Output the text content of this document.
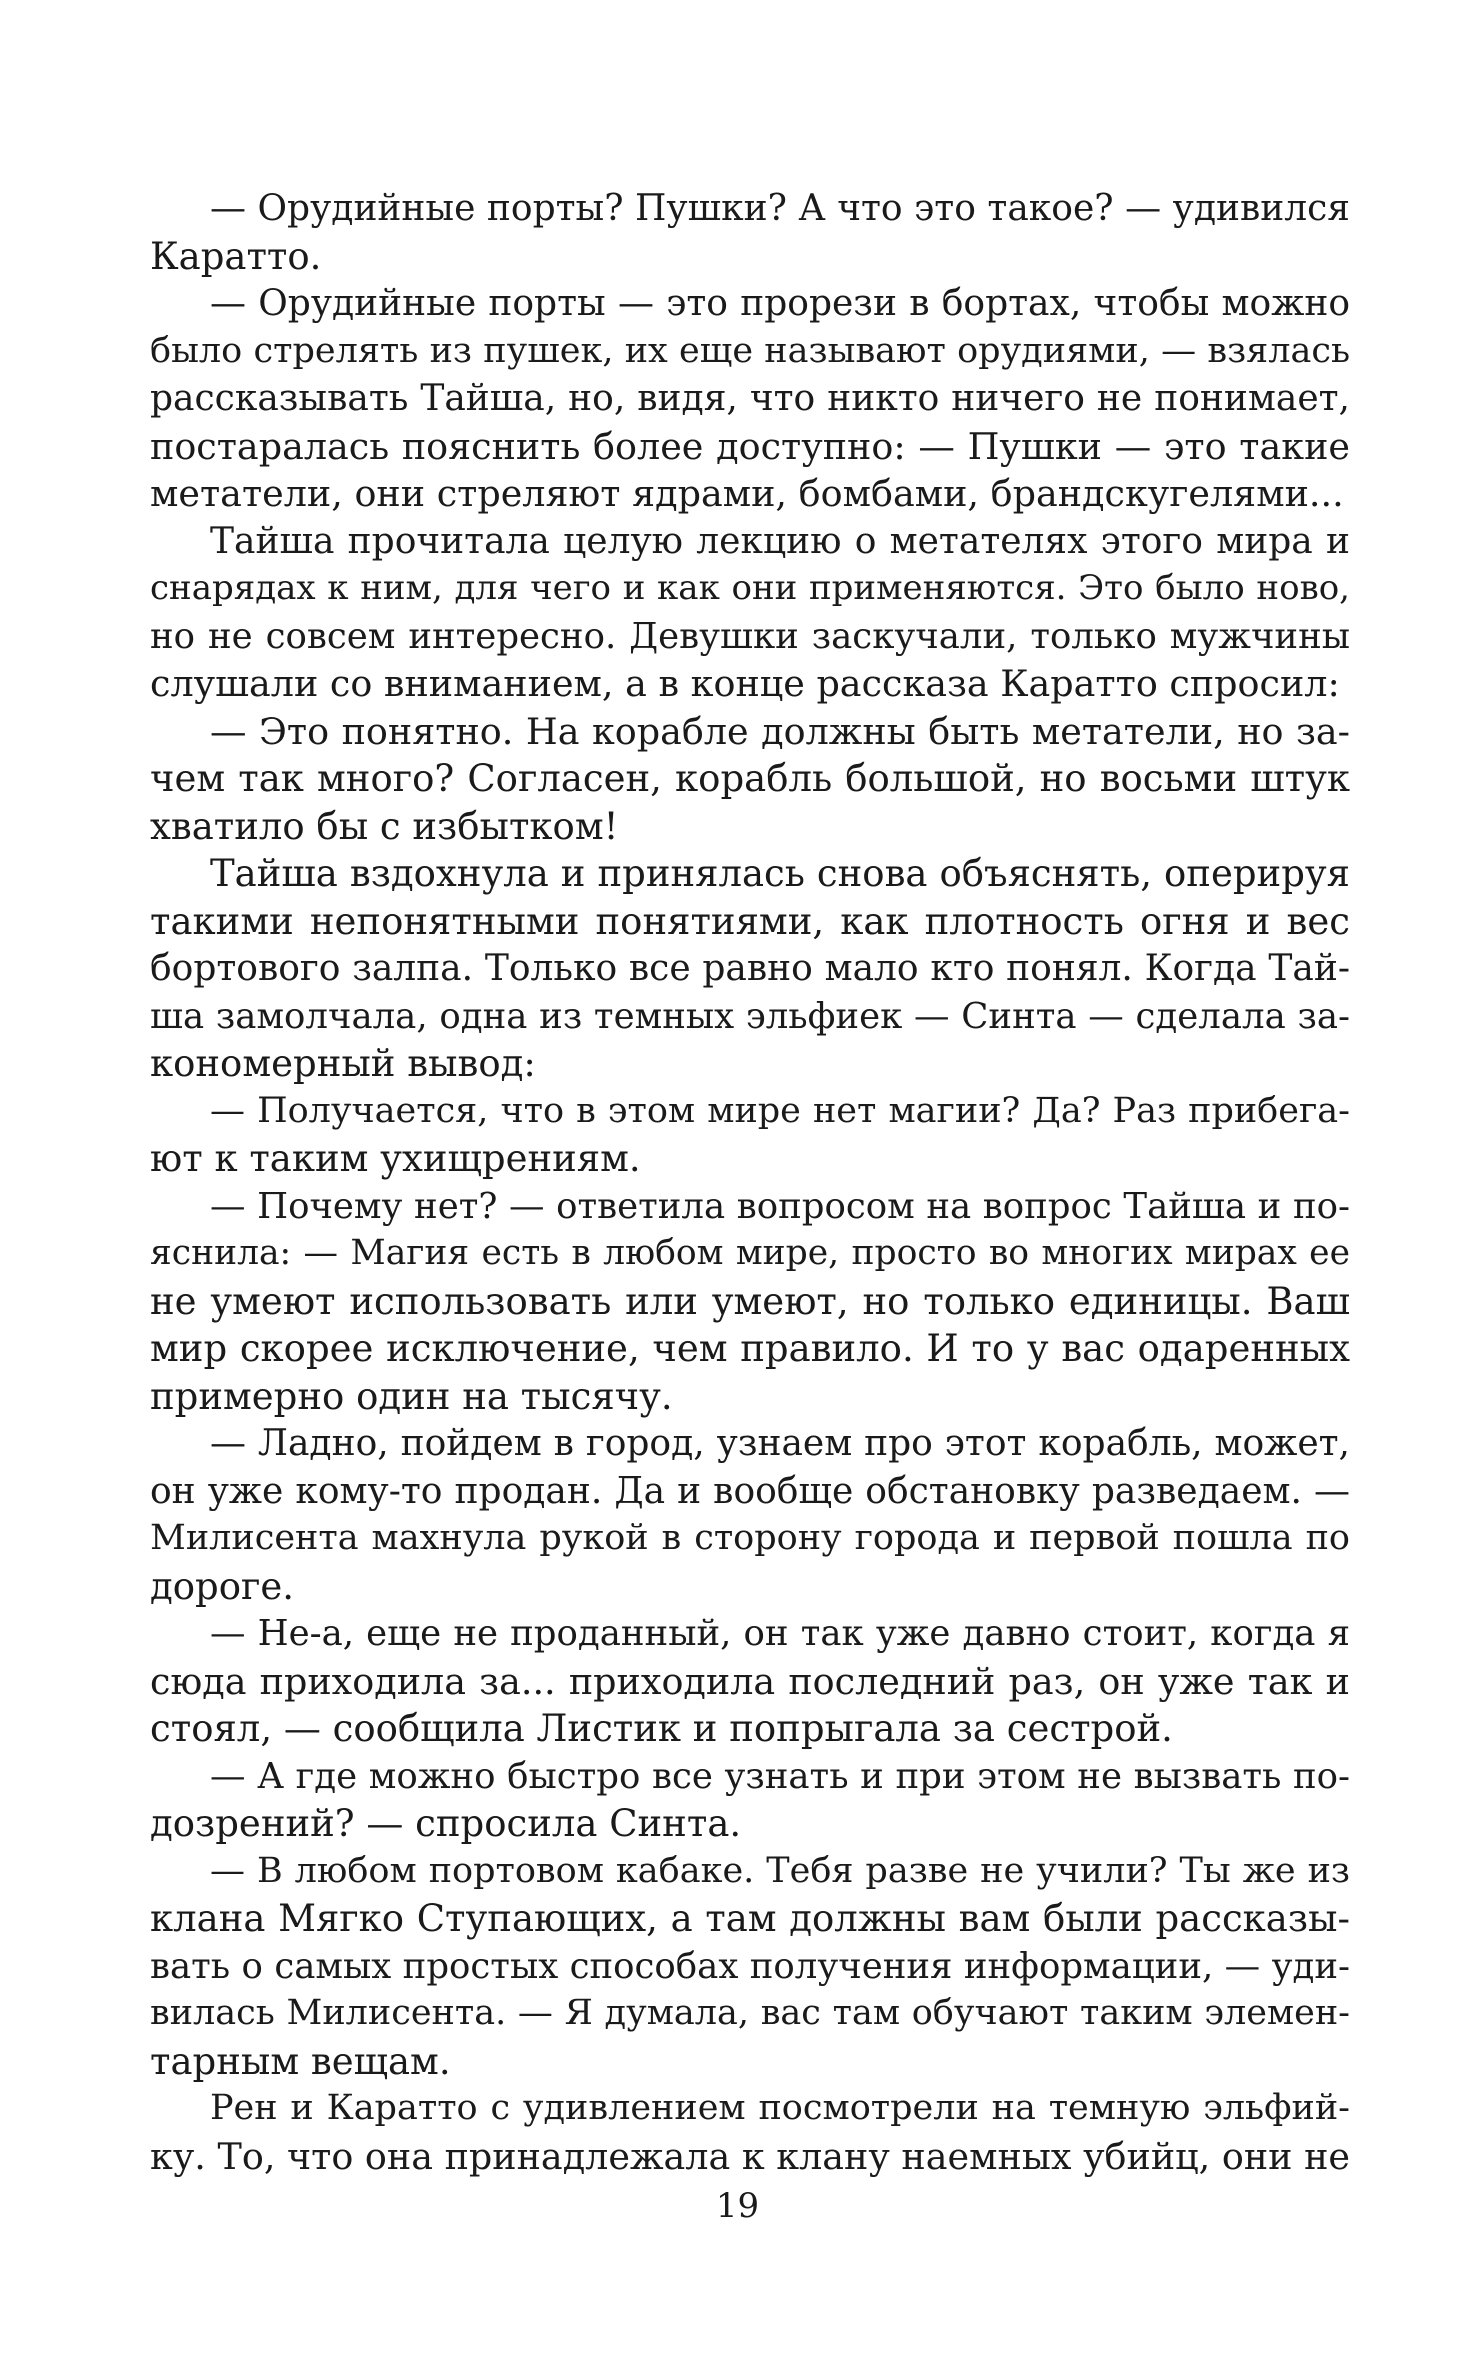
— Орудийные порты? Пушки? А что это такое? — удивился
Каратто.
— Орудийные порты — это прорези в бортах, чтобы можно
было стрелять из пушек, их еще называют орудиями, — взялась
рассказывать Тайша, но, видя, что никто ничего не понимает,
постаралась пояснить более доступно: — Пушки — это такие
метатели, они стреляют ядрами, бомбами, брандскугелями...
Тайша прочитала целую лекцию о метателях этого мира и
снарядах к ним, для чего и как они применяются. Это было ново,
но не совсем интересно. Девушки заскучали, только мужчины
слушали со вниманием, а в конце рассказа Каратто спросил:
— Это понятно. На корабле должны быть метатели, но за-
чем так много? Согласен, корабль большой, но восьми штук
хватило бы с избытком!
Тайша вздохнула и принялась снова объяснять, оперируя
такими непонятными понятиями, как плотность огня и вес
бортового залпа. Только все равно мало кто понял. Когда Тай-
ша замолчала, одна из темных эльфиек — Синта — сделала за-
кономерный вывод:
— Получается, что в этом мире нет магии? Да? Раз прибега-
ют к таким ухищрениям.
— Почему нет? — ответила вопросом на вопрос Тайша и по-
яснила: — Магия есть в любом мире, просто во многих мирах ее
не умеют использовать или умеют, но только единицы. Ваш
мир скорее исключение, чем правило. И то у вас одаренных
примерно один на тысячу.
— Ладно, пойдем в город, узнаем про этот корабль, может,
он уже кому-то продан. Да и вообще обстановку разведаем. —
Милисента махнула рукой в сторону города и первой пошла по
дороге.
— Не-а, еще не проданный, он так уже давно стоит, когда я
сюда приходила за... приходила последний раз, он уже так и
стоял, — сообщила Листик и попрыгала за сестрой.
— А где можно быстро все узнать и при этом не вызвать по-
дозрений? — спросила Синта.
— В любом портовом кабаке. Тебя разве не учили? Ты же из
клана Мягко Ступающих, а там должны вам были рассказы-
вать о самых простых способах получения информации, — уди-
вилась Милисента. — Я думала, вас там обучают таким элемен-
тарным вещам.
Рен и Каратто с удивлением посмотрели на темную эльфий-
ку. То, что она принадлежала к клану наемных убийц, они не
19
